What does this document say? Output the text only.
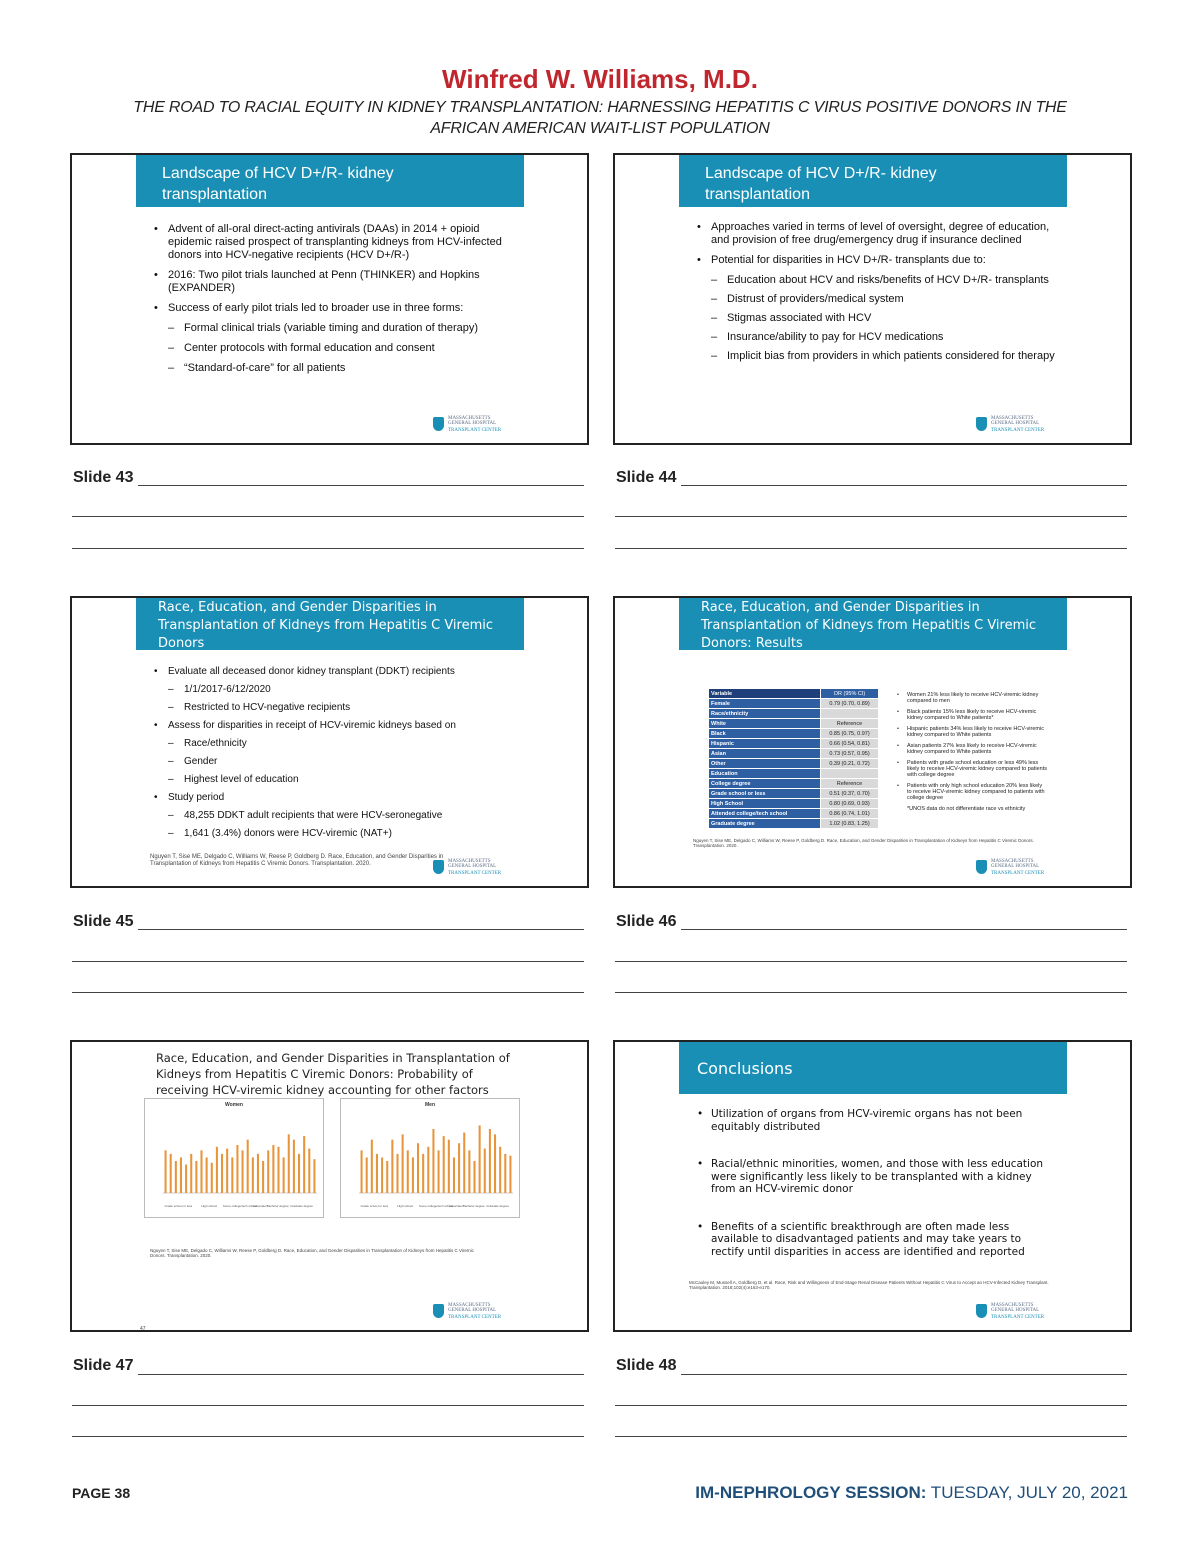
Winfred W. Williams, M.D.
THE ROAD TO RACIAL EQUITY IN KIDNEY TRANSPLANTATION: HARNESSING HEPATITIS C VIRUS POSITIVE DONORS IN THE
AFRICAN AMERICAN WAIT-LIST POPULATION
Landscape of HCV D+/R- kidney transplantation
• Advent of all-oral direct-acting antivirals (DAAs) in 2014 + opioid epidemic raised prospect of transplanting kidneys from HCV-infected donors into HCV-negative recipients (HCV D+/R-)
• 2016: Two pilot trials launched at Penn (THINKER) and Hopkins (EXPANDER)
• Success of early pilot trials led to broader use in three forms:
– Formal clinical trials (variable timing and duration of therapy)
– Center protocols with formal education and consent
– “Standard-of-care” for all patients
MASSACHUSETTS GENERAL HOSPITAL
TRANSPLANT CENTER
Landscape of HCV D+/R- kidney transplantation
• Approaches varied in terms of level of oversight, degree of education, and provision of free drug/emergency drug if insurance declined
• Potential for disparities in HCV D+/R- transplants due to:
– Education about HCV and risks/benefits of HCV D+/R- transplants
– Distrust of providers/medical system
– Stigmas associated with HCV
– Insurance/ability to pay for HCV medications
– Implicit bias from providers in which patients considered for therapy
MASSACHUSETTS GENERAL HOSPITAL
TRANSPLANT CENTER
Slide 43	Slide 44
Race, Education, and Gender Disparities in Transplantation of Kidneys from Hepatitis C Viremic Donors
• Evaluate all deceased donor kidney transplant (DDKT) recipients
– 1/1/2017-6/12/2020
– Restricted to HCV-negative recipients
• Assess for disparities in receipt of HCV-viremic kidneys based on
– Race/ethnicity
– Gender
– Highest level of education
• Study period
– 48,255 DDKT adult recipients that were HCV-seronegative
– 1,641 (3.4%) donors were HCV-viremic (NAT+)
Nguyen T, Sise ME, Delgado C, Williams W, Reese P, Goldberg D. Race, Education, and Gender Disparities in Transplantation of Kidneys from Hepatitis C Viremic Donors. Transplantation. 2020.	MASSACHUSETTS GENERAL HOSPITAL
TRANSPLANT CENTER
Race, Education, and Gender Disparities in Transplantation of Kidneys from Hepatitis C Viremic Donors: Results
Variable	OR (95% CI)
Female	0.79 (0.70, 0.89)
Race/ethnicity	
White	Reference
Black	0.85 (0.75, 0.97)
Hispanic	0.66 (0.54, 0.81)
Asian	0.73 (0.57, 0.95)
Other	0.39 (0.21, 0.72)
Education	
College degree	Reference
Grade school or less	0.51 (0.37, 0.70)
High School	0.80 (0.69, 0.93)
Attended college/tech school	0.86 (0.74, 1.01)
Graduate degree	1.02 (0.83, 1.25)
• Women 21% less likely to receive HCV-viremic kidney compared to men
• Black patients 15% less likely to receive HCV-viremic kidney compared to White patients*
• Hispanic patients 34% less likely to receive HCV-viremic kidney compared to White patients
• Asian patients 27% less likely to receive HCV-viremic kidney compared to White patients
• Patients with grade school education or less 49% less likely to receive HCV-viremic kidney compared to patients with college degree
• Patients with only high school education 20% less likely to receive HCV-viremic kidney compared to patients with college degree
*UNOS data do not differentiate race vs ethnicity
Nguyen T, Sise ME, Delgado C, Williams W, Reese P, Goldberg D. Race, Education, and Gender Disparities in Transplantation of Kidneys from Hepatitis C Viremic Donors. Transplantation. 2020.
MASSACHUSETTS GENERAL HOSPITAL
TRANSPLANT CENTER
Slide 45	Slide 46
Race, Education, and Gender Disparities in Transplantation of Kidneys from Hepatitis C Viremic Donors: Probability of receiving HCV-viremic kidney accounting for other factors
Women
Grade school or less	High school Some college/tech school
Associate/Bachelor degree Graduate degree
Men
Grade school or less	High school Some college/tech school
Associate/Bachelor degree Graduate degree
Nguyen T, Sise ME, Delgado C, Williams W, Reese P, Goldberg D. Race, Education, and Gender Disparities in Transplantation of Kidneys from Hepatitis C Viremic Donors. Transplantation. 2020.
47
MASSACHUSETTS GENERAL HOSPITAL
TRANSPLANT CENTER
Conclusions
• Utilization of organs from HCV-viremic organs has not been equitably distributed
• Racial/ethnic minorities, women, and those with less education were significantly less likely to be transplanted with a kidney from an HCV-viremic donor
• Benefits of a scientific breakthrough are often made less available to disadvantaged patients and may take years to rectify until disparities in access are identified and reported
McCauley M, Mussell A, Goldberg D, et al. Race, Risk and Willingness of End-Stage Renal Disease Patients Without Hepatitis C Virus to Accept an HCV-Infected Kidney Transplant. Transplantation. 2018;102(4):e163-e170.
MASSACHUSETTS GENERAL HOSPITAL
TRANSPLANT CENTER
Slide 47	Slide 48
PAGE 38	IM-NEPHROLOGY SESSION: TUESDAY, JULY 20, 2021
